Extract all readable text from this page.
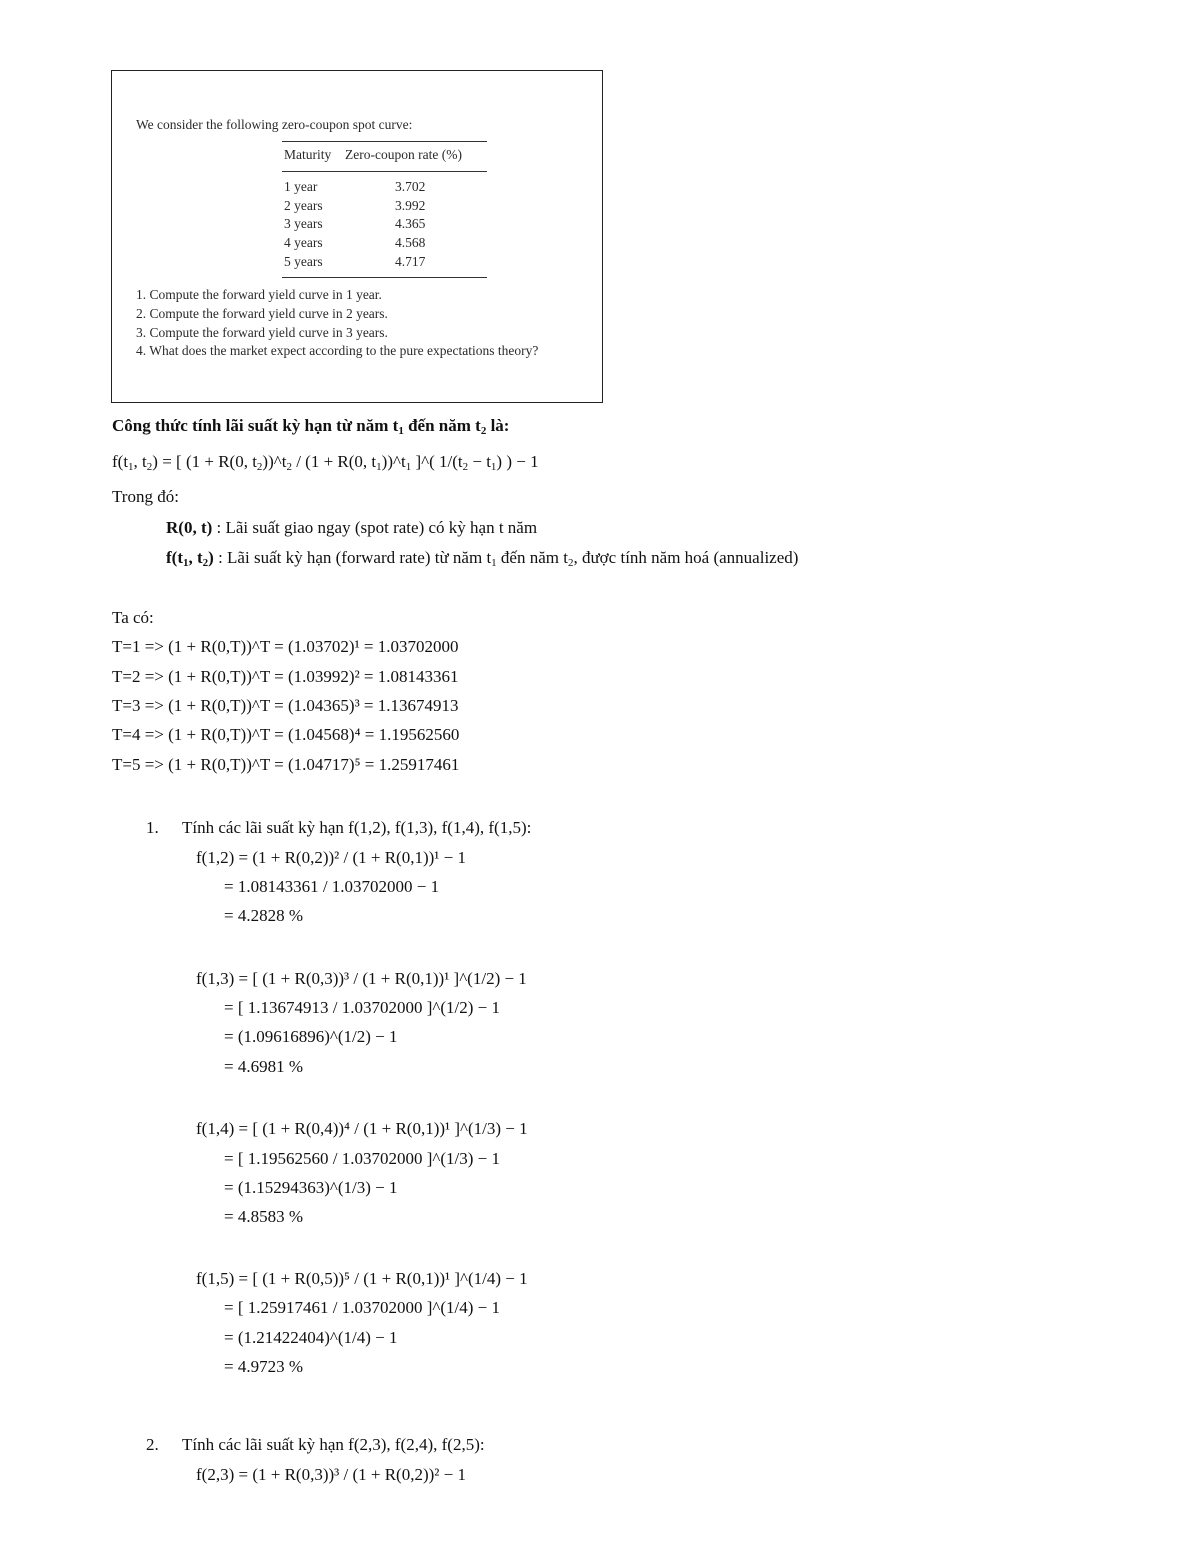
We consider the following zero-coupon spot curve:
Maturity	Zero-coupon rate (%)
1 year	3.702
2 years	3.992
3 years	4.365
4 years	4.568
5 years	4.717
1. Compute the forward yield curve in 1 year.
2. Compute the forward yield curve in 2 years.
3. Compute the forward yield curve in 3 years.
4. What does the market expect according to the pure expectations theory?
Công thức tính lãi suất kỳ hạn từ năm $t_1$ đến năm $t_2$ là:
$f(t_1$, $t_2$) = [ (1 + R(0, $t_2))\^{}t_2 / (1 + R(0$, $t_1))\^{}t_1$ ]^( $1/(t_2 - t_1)$ ) − 1
Trong đó:
R(0, t) : Lãi suất giao ngay (spot rate) có kỳ hạn t năm
$f(t_1$, $t_2$) : Lãi suất kỳ hạn (forward rate) từ năm $t_1$ đến năm $t_2$, được tính năm hoá (annualized)
Ta có:
T=1 => (1 + R(0,T))^T = (1.03702)¹ = 1.03702000
T=2 => (1 + R(0,T))^T = (1.03992)² = 1.08143361
T=3 => (1 + R(0,T))^T = (1.04365)³ = 1.13674913
T=4 => (1 + R(0,T))^T = (1.04568)⁴ = 1.19562560
T=5 => (1 + R(0,T))^T = (1.04717)⁵ = 1.25917461
1. Tính các lãi suất kỳ hạn f(1,2), f(1,3), f(1,4), f(1,5):
f(1,2) = (1 + R(0,2))² / (1 + R(0,1))¹ − 1
= 1.08143361 / 1.03702000 − 1
= 4.2828 %
f(1,3) = [ (1 + R(0,3))³ / (1 + R(0,1))¹ ]^(1/2) − 1
= [ 1.13674913 / 1.03702000 ]^(1/2) − 1
= (1.09616896)^(1/2) − 1
= 4.6981 %
f(1,4) = [ (1 + R(0,4))⁴ / (1 + R(0,1))¹ ]^(1/3) − 1
= [ 1.19562560 / 1.03702000 ]^(1/3) − 1
= (1.15294363)^(1/3) − 1
= 4.8583 %
f(1,5) = [ (1 + R(0,5))⁵ / (1 + R(0,1))¹ ]^(1/4) − 1
= [ 1.25917461 / 1.03702000 ]^(1/4) − 1
= (1.21422404)^(1/4) − 1
= 4.9723 %
2. Tính các lãi suất kỳ hạn f(2,3), f(2,4), f(2,5):
f(2,3) = (1 + R(0,3))³ / (1 + R(0,2))² − 1
